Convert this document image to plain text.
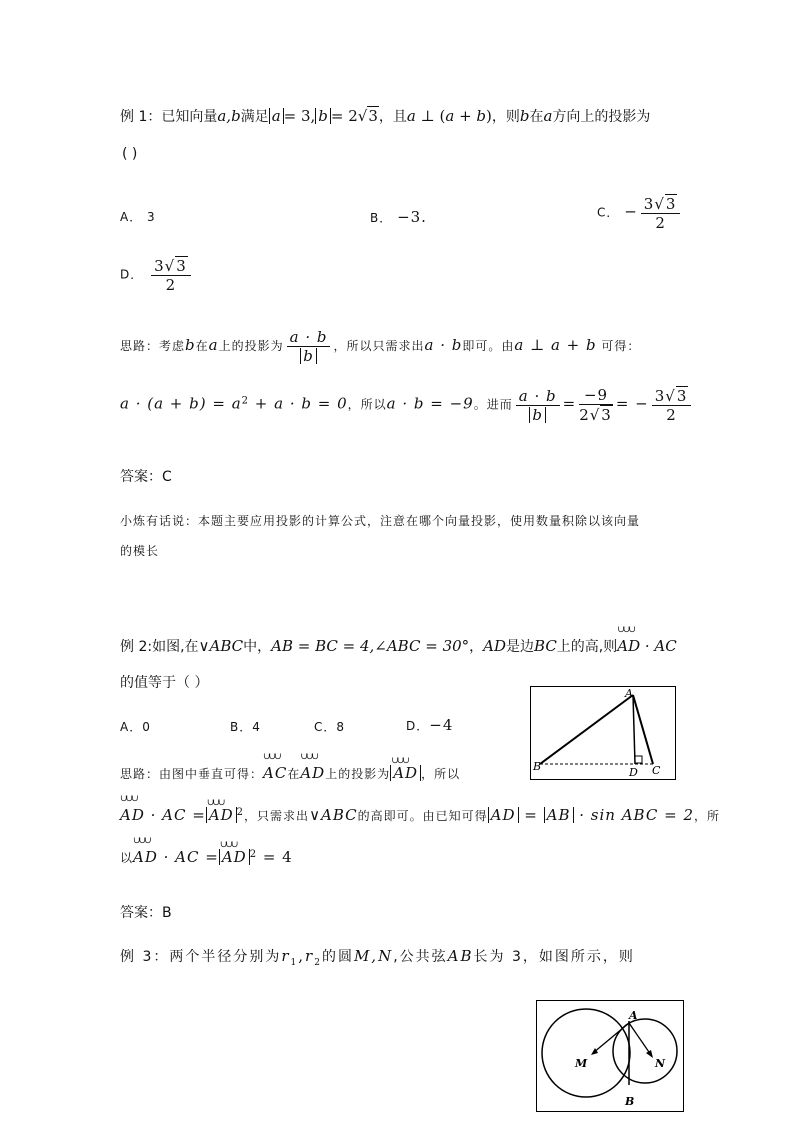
例 1：已知向量a,b满足 a = 3, b = 2√3，且a ⊥ (a + b)，则b在a方向上的投影为
( )
A． 3	B． −3.	C． − $\frac{3√3}{2}$
D． $\frac{3√3}{2}$
思路：考虑b在a上的投影为 $\frac{a \cdot b}{b}$ ，所以只需求出a · b即可。由a ⊥ a + b 可得：
$a \cdot (a + b) = a^2 + a \cdot b = 0$，所以a · b = −9。进而 $\frac{a \cdot b}{b} = \frac{-9}{2√3}$ = − $\frac{3√3}{2}$
答案：C
小炼有话说：本题主要应用投影的计算公式，注意在哪个向量投影，使用数量积除以该向量
的模长
例 2:如图,在∨ABC中，AB = BC = 4,∠ABC = 30°，AD是边BC上的高,则∪∪∪ AD · AC
的值等于（ ）
A．0	B．4	C．8	D．−4
A
B	D C
思路：由图中垂直可得：∪∪∪ AC在∪∪∪ AD上的投影为∪∪∪ AD ，所以
∪∪∪ AD · AC =∪∪∪ AD $^2$，只需求出∨ABC的高即可。由已知可得 AD = AB · sin ABC = 2，所
以∪∪∪ AD · AC =∪∪∪ AD $^2$ = 4
答案：B
例 3：两个半径分别为$r_1,r_2$的圆M,N,公共弦AB长为 3，如图所示，则
A
B
M	N
